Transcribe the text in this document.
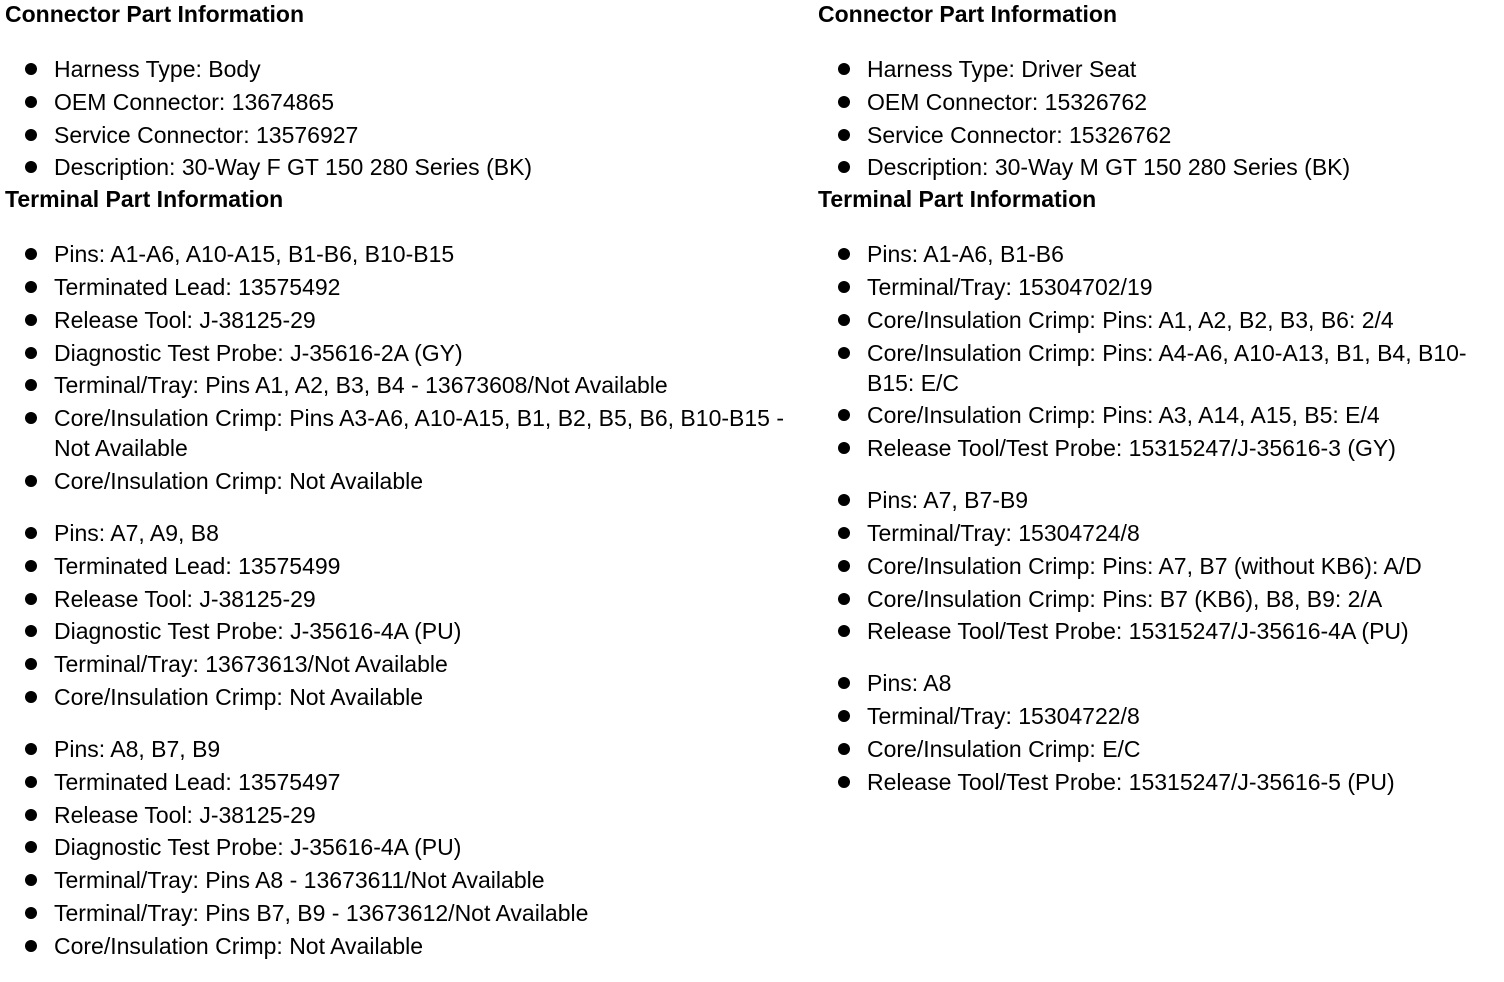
Connector Part Information
Harness Type: Body
OEM Connector: 13674865
Service Connector: 13576927
Description: 30-Way F GT 150 280 Series (BK)
Terminal Part Information
Pins: A1-A6, A10-A15, B1-B6, B10-B15
Terminated Lead: 13575492
Release Tool: J-38125-29
Diagnostic Test Probe: J-35616-2A (GY)
Terminal/Tray: Pins A1, A2, B3, B4 - 13673608/Not Available
Core/Insulation Crimp: Pins A3-A6, A10-A15, B1, B2, B5, B6, B10-B15 - Not Available
Core/Insulation Crimp: Not Available
Pins: A7, A9, B8
Terminated Lead: 13575499
Release Tool: J-38125-29
Diagnostic Test Probe: J-35616-4A (PU)
Terminal/Tray: 13673613/Not Available
Core/Insulation Crimp: Not Available
Pins: A8, B7, B9
Terminated Lead: 13575497
Release Tool: J-38125-29
Diagnostic Test Probe: J-35616-4A (PU)
Terminal/Tray: Pins A8 - 13673611/Not Available
Terminal/Tray: Pins B7, B9 - 13673612/Not Available
Core/Insulation Crimp: Not Available
Connector Part Information
Harness Type: Driver Seat
OEM Connector: 15326762
Service Connector: 15326762
Description: 30-Way M GT 150 280 Series (BK)
Terminal Part Information
Pins: A1-A6, B1-B6
Terminal/Tray: 15304702/19
Core/Insulation Crimp: Pins: A1, A2, B2, B3, B6: 2/4
Core/Insulation Crimp: Pins: A4-A6, A10-A13, B1, B4, B10-B15: E/C
Core/Insulation Crimp: Pins: A3, A14, A15, B5: E/4
Release Tool/Test Probe: 15315247/J-35616-3 (GY)
Pins: A7, B7-B9
Terminal/Tray: 15304724/8
Core/Insulation Crimp: Pins: A7, B7 (without KB6): A/D
Core/Insulation Crimp: Pins: B7 (KB6), B8, B9: 2/A
Release Tool/Test Probe: 15315247/J-35616-4A (PU)
Pins: A8
Terminal/Tray: 15304722/8
Core/Insulation Crimp: E/C
Release Tool/Test Probe: 15315247/J-35616-5 (PU)
